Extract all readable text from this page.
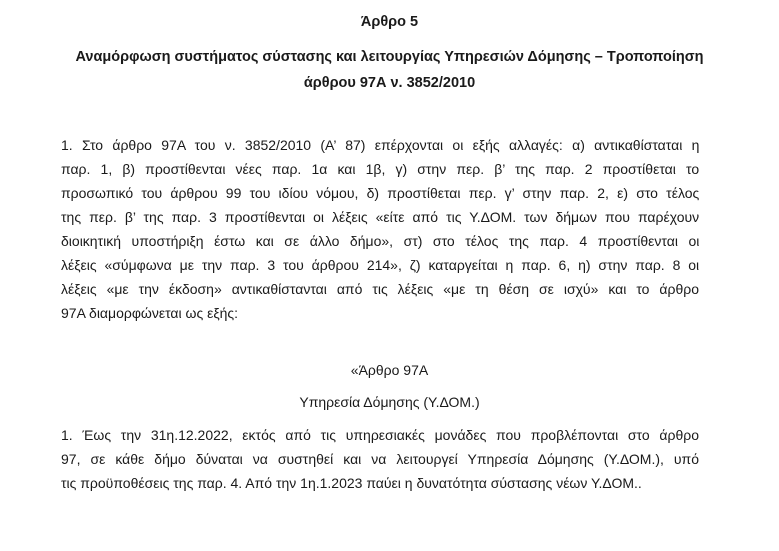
Άρθρο 5
Αναμόρφωση συστήματος σύστασης και λειτουργίας Υπηρεσιών Δόμησης – Τροποποίηση
άρθρου 97Α ν. 3852/2010
1. Στο άρθρο 97Α του ν. 3852/2010 (Α’ 87) επέρχονται οι εξής αλλαγές: α) αντικαθίσταται η
παρ. 1, β) προστίθενται νέες παρ. 1α και 1β, γ) στην περ. β’ της παρ. 2 προστίθεται το
προσωπικό του άρθρου 99 του ιδίου νόμου, δ) προστίθεται περ. γ’ στην παρ. 2, ε) στο τέλος
της περ. β’ της παρ. 3 προστίθενται οι λέξεις «είτε από τις Υ.ΔΟΜ. των δήμων που παρέχουν
διοικητική υποστήριξη έστω και σε άλλο δήμο», στ) στο τέλος της παρ. 4 προστίθενται οι
λέξεις «σύμφωνα με την παρ. 3 του άρθρου 214», ζ) καταργείται η παρ. 6, η) στην παρ. 8 οι
λέξεις «με την έκδοση» αντικαθίστανται από τις λέξεις «με τη θέση σε ισχύ» και το άρθρο
97Α διαμορφώνεται ως εξής:
«Άρθρο 97Α
Υπηρεσία Δόμησης (Υ.ΔΟΜ.)
1. Έως την 31η.12.2022, εκτός από τις υπηρεσιακές μονάδες που προβλέπονται στο άρθρο
97, σε κάθε δήμο δύναται να συστηθεί και να λειτουργεί Υπηρεσία Δόμησης (Υ.ΔΟΜ.), υπό
τις προϋποθέσεις της παρ. 4. Από την 1η.1.2023 παύει η δυνατότητα σύστασης νέων Υ.ΔΟΜ..
